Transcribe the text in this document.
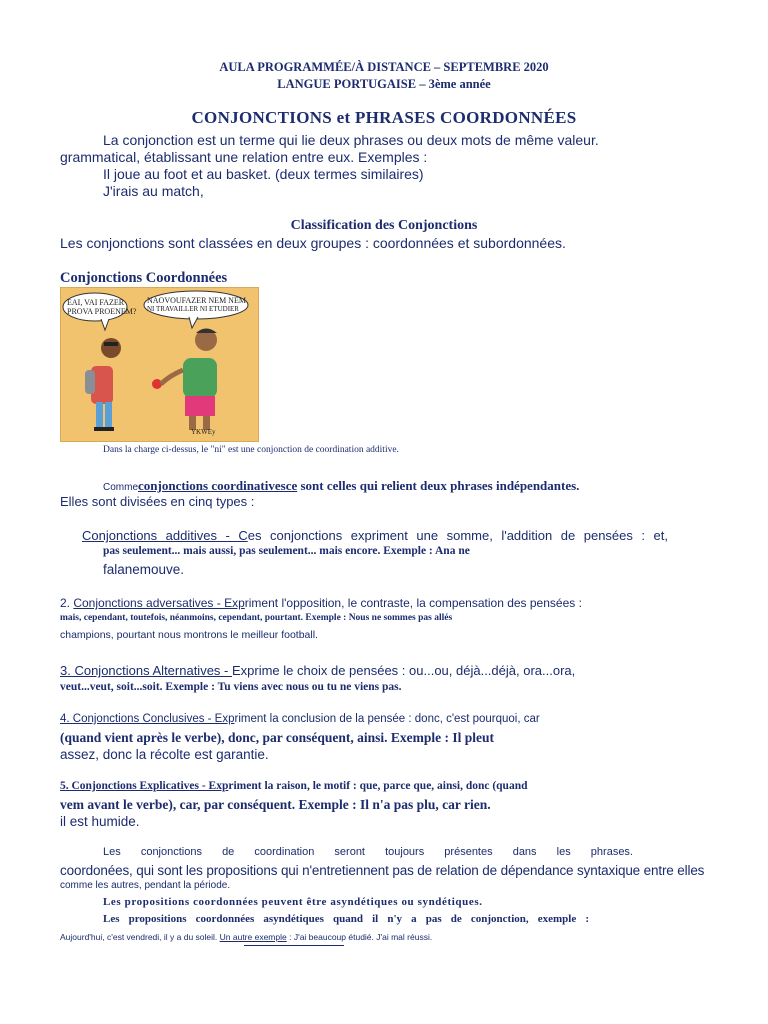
AULA PROGRAMMÉE/À DISTANCE – SEPTEMBRE 2020
LANGUE PORTUGAISE – 3ème année
CONJONCTIONS et PHRASES COORDONNÉES
La conjonction est un terme qui lie deux phrases ou deux mots de même valeur.
grammatical, établissant une relation entre eux. Exemples :
Il joue au foot et au basket. (deux termes similaires)
J'irais au match,
Classification des Conjonctions
Les conjonctions sont classées en deux groupes : coordonnées et subordonnées.
Conjonctions Coordonnées
EAI, VAI FAZER
PROVA PROENEM?
NAOVOUFAZER NEM NEM
NI TRAVAILLER NI ETUDIER
YKWEy
Dans la charge ci-dessus, le "ni" est une conjonction de coordination additive.
Commeconjonctions coordinativesce sont celles qui relient deux phrases indépendantes.
Elles sont divisées en cinq types :
Conjonctions additives - Ces conjonctions expriment une somme, l'addition de pensées : et,
pas seulement... mais aussi, pas seulement... mais encore. Exemple : Ana ne
falanemouve.
2. Conjonctions adversatives - Expriment l'opposition, le contraste, la compensation des pensées :
mais, cependant, toutefois, néanmoins, cependant, pourtant. Exemple : Nous ne sommes pas allés
champions, pourtant nous montrons le meilleur football.
3. Conjonctions Alternatives - Exprime le choix de pensées : ou...ou, déjà...déjà, ora...ora,
veut...veut, soit...soit. Exemple : Tu viens avec nous ou tu ne viens pas.
4. Conjonctions Conclusives - Expriment la conclusion de la pensée : donc, c'est pourquoi, car
(quand vient après le verbe), donc, par conséquent, ainsi. Exemple : Il pleut
assez, donc la récolte est garantie.
5. Conjonctions Explicatives - Expriment la raison, le motif : que, parce que, ainsi, donc (quand
vem avant le verbe), car, par conséquent. Exemple : Il n'a pas plu, car rien.
il est humide.
Les conjonctions de coordination seront toujours présentes dans les phrases.
coordonées, qui sont les propositions qui n'entretiennent pas de relation de dépendance syntaxique entre elles
comme les autres, pendant la période.
Les propositions coordonnées peuvent être asyndétiques ou syndétiques.
Les propositions coordonnées asyndétiques quand il n'y a pas de conjonction, exemple :
Aujourd'hui, c'est vendredi, il y a du soleil. Un autre exemple : J'ai beaucoup étudié. J'ai mal réussi.
